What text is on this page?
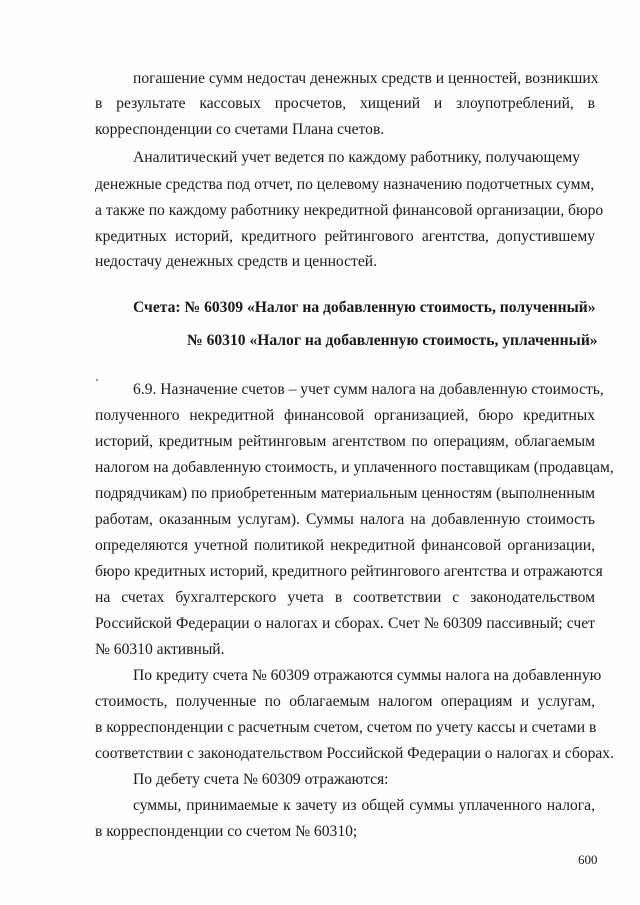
погашение сумм недостач денежных средств и ценностей, возникших
в результате кассовых просчетов, хищений и злоупотреблений, в
корреспонденции со счетами Плана счетов.
Аналитический учет ведется по каждому работнику, получающему
денежные средства под отчет, по целевому назначению подотчетных сумм,
а также по каждому работнику некредитной финансовой организации, бюро
кредитных историй, кредитного рейтингового агентства, допустившему
недостачу денежных средств и ценностей.
Счета: № 60309 «Налог на добавленную стоимость, полученный»
№ 60310 «Налог на добавленную стоимость, уплаченный»
6.9. Назначение счетов – учет сумм налога на добавленную стоимость,
полученного некредитной финансовой организацией, бюро кредитных
историй, кредитным рейтинговым агентством по операциям, облагаемым
налогом на добавленную стоимость, и уплаченного поставщикам (продавцам,
подрядчикам) по приобретенным материальным ценностям (выполненным
работам, оказанным услугам). Суммы налога на добавленную стоимость
определяются учетной политикой некредитной финансовой организации,
бюро кредитных историй, кредитного рейтингового агентства и отражаются
на счетах бухгалтерского учета в соответствии с законодательством
Российской Федерации о налогах и сборах. Счет № 60309 пассивный; счет
№ 60310 активный.
По кредиту счета № 60309 отражаются суммы налога на добавленную
стоимость, полученные по облагаемым налогом операциям и услугам,
в корреспонденции с расчетным счетом, счетом по учету кассы и счетами в
соответствии с законодательством Российской Федерации о налогах и сборах.
По дебету счета № 60309 отражаются:
суммы, принимаемые к зачету из общей суммы уплаченного налога,
в корреспонденции со счетом № 60310;
600
